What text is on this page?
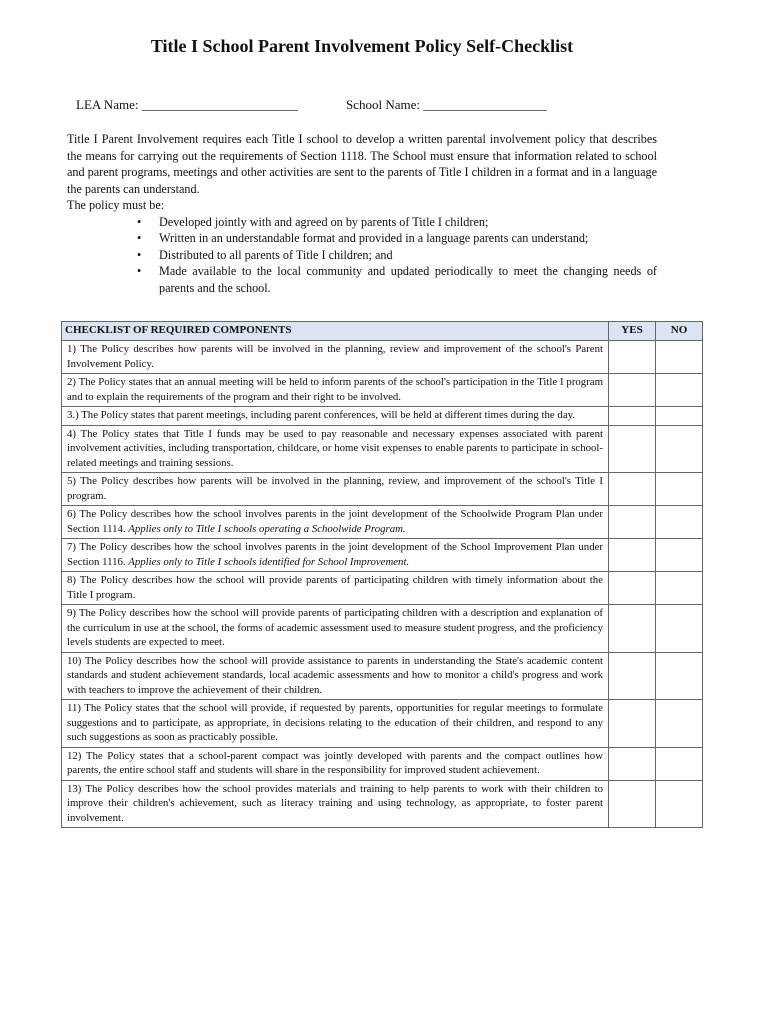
Title I School Parent Involvement Policy Self-Checklist
LEA Name: ________________________	School Name: ___________________

Title I Parent Involvement requires each Title I school to develop a written parental involvement policy that describes the means for carrying out the requirements of Section 1118. The School must ensure that information related to school and parent programs, meetings and other activities are sent to the parents of Title I children in a format and in a language the parents can understand.

The policy must be:

• Developed jointly with and agreed on by parents of Title I children;
• Written in an understandable format and provided in a language parents can understand;
• Distributed to all parents of Title I children; and
• Made available to the local community and updated periodically to meet the changing needs of parents and the school.
CHECKLIST OF REQUIRED COMPONENTS	YES	NO
1) The Policy describes how parents will be involved in the planning, review and improvement of the school's Parent Involvement Policy.		
2) The Policy states that an annual meeting will be held to inform parents of the school's participation in the Title I program and to explain the requirements of the program and their right to be involved.		
3.) The Policy states that parent meetings, including parent conferences, will be held at different times during the day.		
4) The Policy states that Title I funds may be used to pay reasonable and necessary expenses associated with parent involvement activities, including transportation, childcare, or home visit expenses to enable parents to participate in school-related meetings and training sessions.		
5) The Policy describes how parents will be involved in the planning, review, and improvement of the school's Title I program.		
6) The Policy describes how the school involves parents in the joint development of the Schoolwide Program Plan under Section 1114. Applies only to Title I schools operating a Schoolwide Program.		
7) The Policy describes how the school involves parents in the joint development of the School Improvement Plan under Section 1116. Applies only to Title I schools identified for School Improvement.		
8) The Policy describes how the school will provide parents of participating children with timely information about the Title I program.		
9) The Policy describes how the school will provide parents of participating children with a description and explanation of the curriculum in use at the school, the forms of academic assessment used to measure student progress, and the proficiency levels students are expected to meet.		
10) The Policy describes how the school will provide assistance to parents in understanding the State's academic content standards and student achievement standards, local academic assessments and how to monitor a child's progress and work with teachers to improve the achievement of their children.		
11) The Policy states that the school will provide, if requested by parents, opportunities for regular meetings to formulate suggestions and to participate, as appropriate, in decisions relating to the education of their children, and respond to any such suggestions as soon as practicably possible.		
12) The Policy states that a school-parent compact was jointly developed with parents and the compact outlines how parents, the entire school staff and students will share in the responsibility for improved student achievement.		
13) The Policy describes how the school provides materials and training to help parents to work with their children to improve their children's achievement, such as literacy training and using technology, as appropriate, to foster parent involvement.		
